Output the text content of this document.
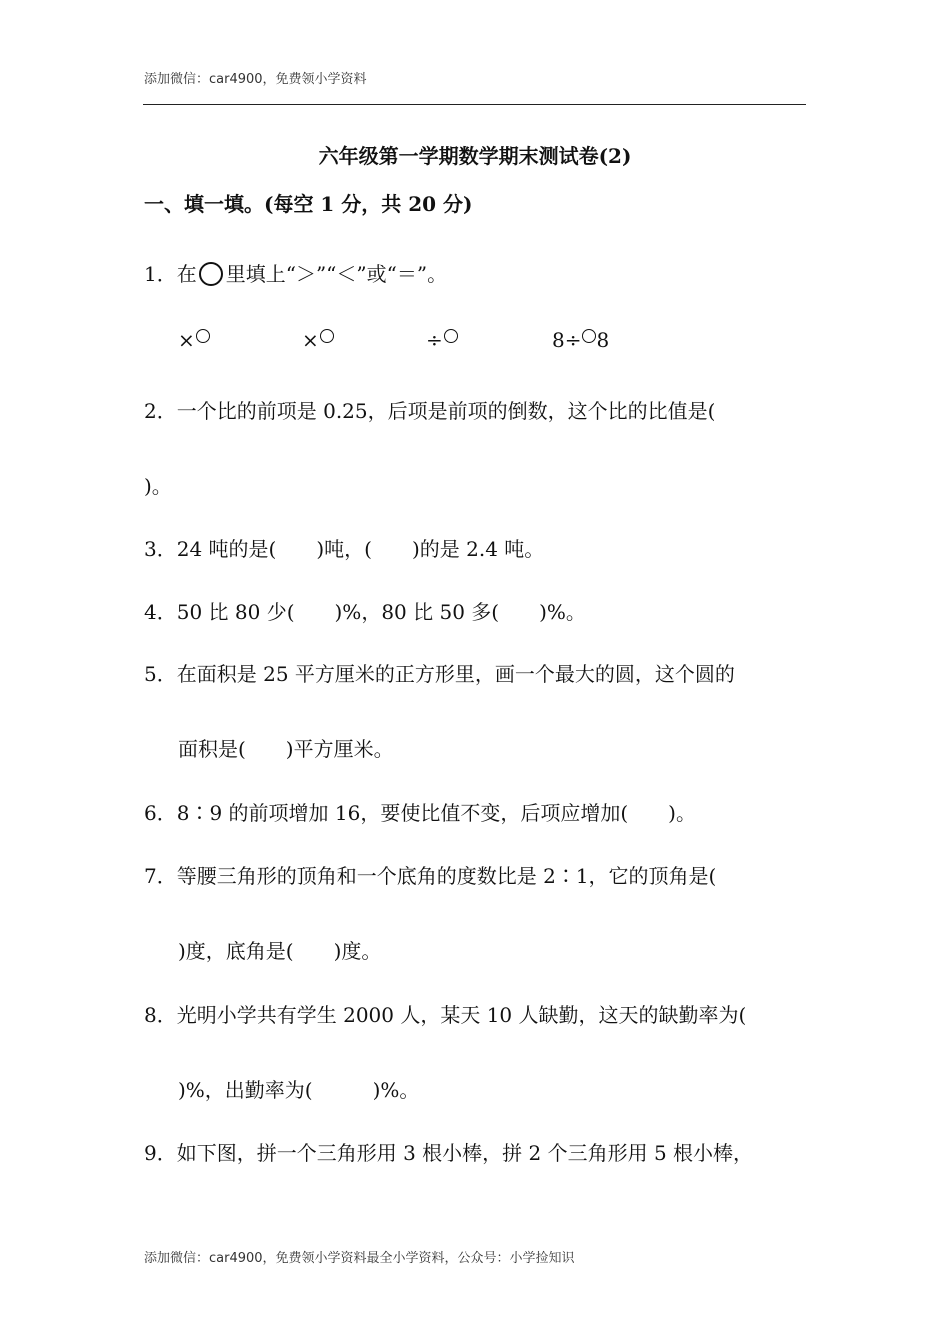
添加微信：car4900，免费领小学资料
六年级第一学期数学期末测试卷(2)
一、填一填。(每空 1 分，共 20 分)
1．在 里填上“＞”“＜”或“＝”。
×	×	÷	8÷ 8
2．一个比的前项是 0.25，后项是前项的倒数，这个比的比值是(
)。
3．24 吨的是(　　)吨，(　　)的是 2.4 吨。
4．50 比 80 少(　　)%，80 比 50 多(　　)%。
5．在面积是 25 平方厘米的正方形里，画一个最大的圆，这个圆的
面积是(　　)平方厘米。
6．8∶9 的前项增加 16，要使比值不变，后项应增加(　　)。
7．等腰三角形的顶角和一个底角的度数比是 2∶1，它的顶角是(
)度，底角是(　　)度。
8．光明小学共有学生 2000 人，某天 10 人缺勤，这天的缺勤率为(
)%，出勤率为(　　　)%。
9．如下图，拼一个三角形用 3 根小棒，拼 2 个三角形用 5 根小棒，
添加微信：car4900，免费领小学资料最全小学资料，公众号：小学捡知识
